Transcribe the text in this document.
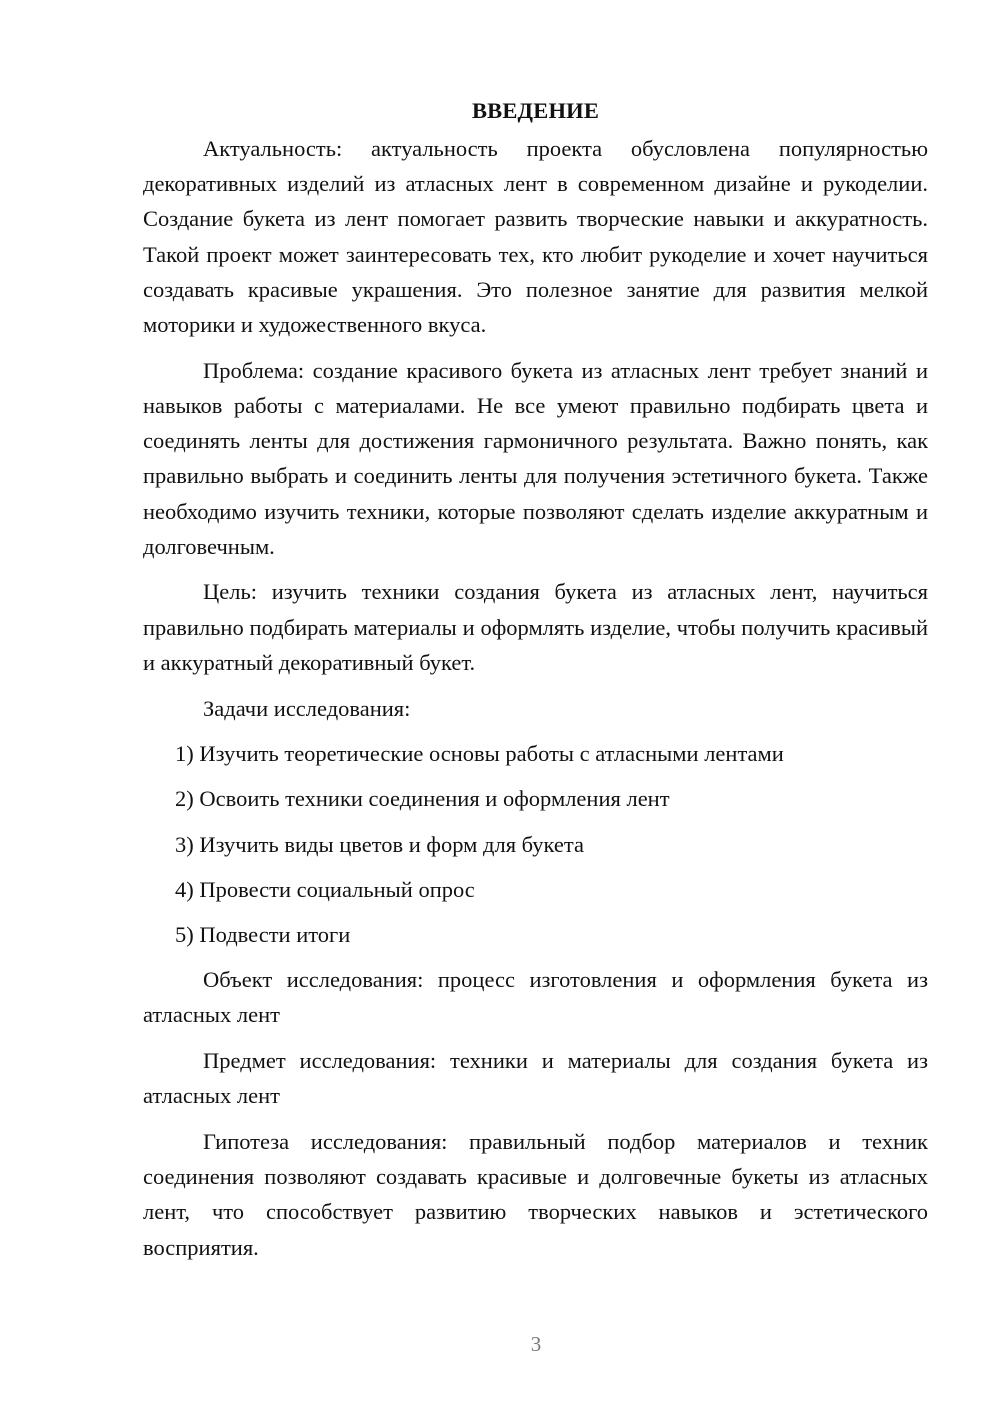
ВВЕДЕНИЕ

Актуальность: актуальность проекта обусловлена популярностью декоративных изделий из атласных лент в современном дизайне и рукоделии. Создание букета из лент помогает развить творческие навыки и аккуратность. Такой проект может заинтересовать тех, кто любит рукоделие и хочет научиться создавать красивые украшения. Это полезное занятие для развития мелкой моторики и художественного вкуса.

Проблема: создание красивого букета из атласных лент требует знаний и навыков работы с материалами. Не все умеют правильно подбирать цвета и соединять ленты для достижения гармоничного результата. Важно понять, как правильно выбрать и соединить ленты для получения эстетичного букета. Также необходимо изучить техники, которые позволяют сделать изделие аккуратным и долговечным.

Цель: изучить техники создания букета из атласных лент, научиться правильно подбирать материалы и оформлять изделие, чтобы получить красивый и аккуратный декоративный букет.

Задачи исследования:

1) Изучить теоретические основы работы с атласными лентами
2) Освоить техники соединения и оформления лент
3) Изучить виды цветов и форм для букета
4) Провести социальный опрос
5) Подвести итоги

Объект исследования: процесс изготовления и оформления букета из атласных лент

Предмет исследования: техники и материалы для создания букета из атласных лент

Гипотеза исследования: правильный подбор материалов и техник соединения позволяют создавать красивые и долговечные букеты из атласных лент, что способствует развитию творческих навыков и эстетического восприятия.

3
